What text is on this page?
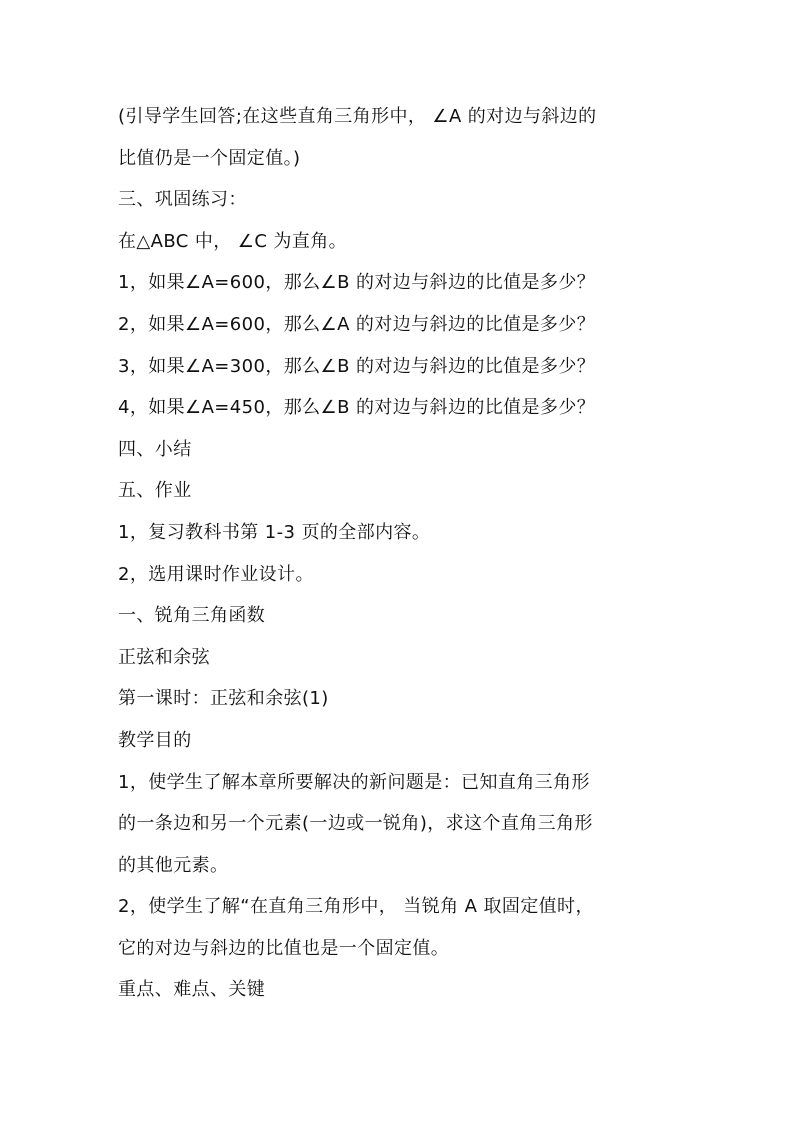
(引导学生回答;在这些直角三角形中， ∠A 的对边与斜边的
比值仍是一个固定值。)
三、巩固练习：
在△ABC 中， ∠C 为直角。
1，如果∠A=600，那么∠B 的对边与斜边的比值是多少？
2，如果∠A=600，那么∠A 的对边与斜边的比值是多少？
3，如果∠A=300，那么∠B 的对边与斜边的比值是多少？
4，如果∠A=450，那么∠B 的对边与斜边的比值是多少？
四、小结
五、作业
1，复习教科书第 1-3 页的全部内容。
2，选用课时作业设计。
一、锐角三角函数
正弦和余弦
第一课时：正弦和余弦(1)
教学目的
1，使学生了解本章所要解决的新问题是：已知直角三角形
的一条边和另一个元素(一边或一锐角)，求这个直角三角形
的其他元素。
2，使学生了解“在直角三角形中， 当锐角 A 取固定值时，
它的对边与斜边的比值也是一个固定值。
重点、难点、关键
